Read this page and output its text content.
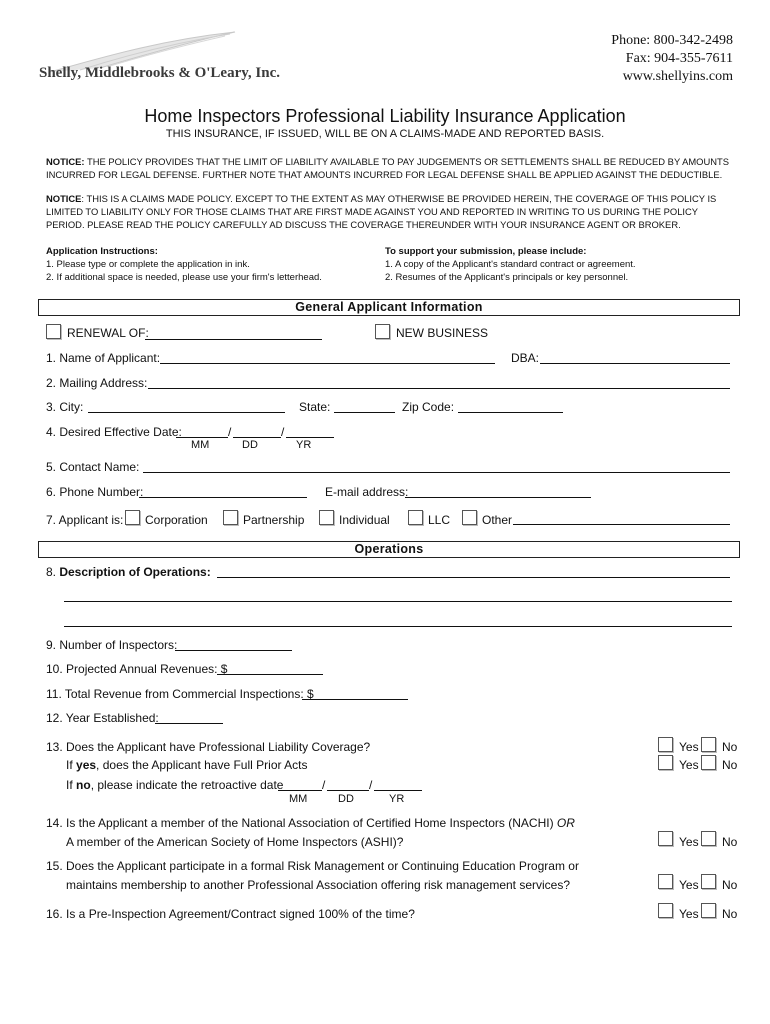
Shelly, Middlebrooks & O'Leary, Inc.
Phone: 800-342-2498
Fax: 904-355-7611
www.shellyins.com
Home Inspectors Professional Liability Insurance Application
THIS INSURANCE, IF ISSUED, WILL BE ON A CLAIMS-MADE AND REPORTED BASIS.
NOTICE: THE POLICY PROVIDES THAT THE LIMIT OF LIABILITY AVAILABLE TO PAY JUDGEMENTS OR SETTLEMENTS SHALL BE REDUCED BY AMOUNTS INCURRED FOR LEGAL DEFENSE. FURTHER NOTE THAT AMOUNTS INCURRED FOR LEGAL DEFENSE SHALL BE APPLIED AGAINST THE DEDUCTIBLE.
NOTICE: THIS IS A CLAIMS MADE POLICY. EXCEPT TO THE EXTENT AS MAY OTHERWISE BE PROVIDED HEREIN, THE COVERAGE OF THIS POLICY IS LIMITED TO LIABILITY ONLY FOR THOSE CLAIMS THAT ARE FIRST MADE AGAINST YOU AND REPORTED IN WRITING TO US DURING THE POLICY PERIOD. PLEASE READ THE POLICY CAREFULLY AD DISCUSS THE COVERAGE THEREUNDER WITH YOUR INSURANCE AGENT OR BROKER.
Application Instructions:
1. Please type or complete the application in ink.
2. If additional space is needed, please use your firm's letterhead.
To support your submission, please include:
1. A copy of the Applicant's standard contract or agreement.
2. Resumes of the Applicant's principals or key personnel.
General Applicant Information
RENEWAL OF:	NEW BUSINESS
1. Name of Applicant:	DBA:
2. Mailing Address:
3. City:	State:	Zip Code:
4. Desired Effective Date:	/	/
MM	DD	YR
5. Contact Name:
6. Phone Number:	E-mail address:
7. Applicant is: Corporation	Partnership	Individual	LLC	Other
Operations
8. Description of Operations:
9. Number of Inspectors:
10. Projected Annual Revenues: $
11. Total Revenue from Commercial Inspections: $
12. Year Established:
13. Does the Applicant have Professional Liability Coverage?	Yes No
If yes, does the Applicant have Full Prior Acts	Yes No
If no, please indicate the retroactive date	/	/
MM	DD	YR
14. Is the Applicant a member of the National Association of Certified Home Inspectors (NACHI) OR
A member of the American Society of Home Inspectors (ASHI)?	Yes No
15. Does the Applicant participate in a formal Risk Management or Continuing Education Program or
maintains membership to another Professional Association offering risk management services?	Yes No
16. Is a Pre-Inspection Agreement/Contract signed 100% of the time?	Yes No
